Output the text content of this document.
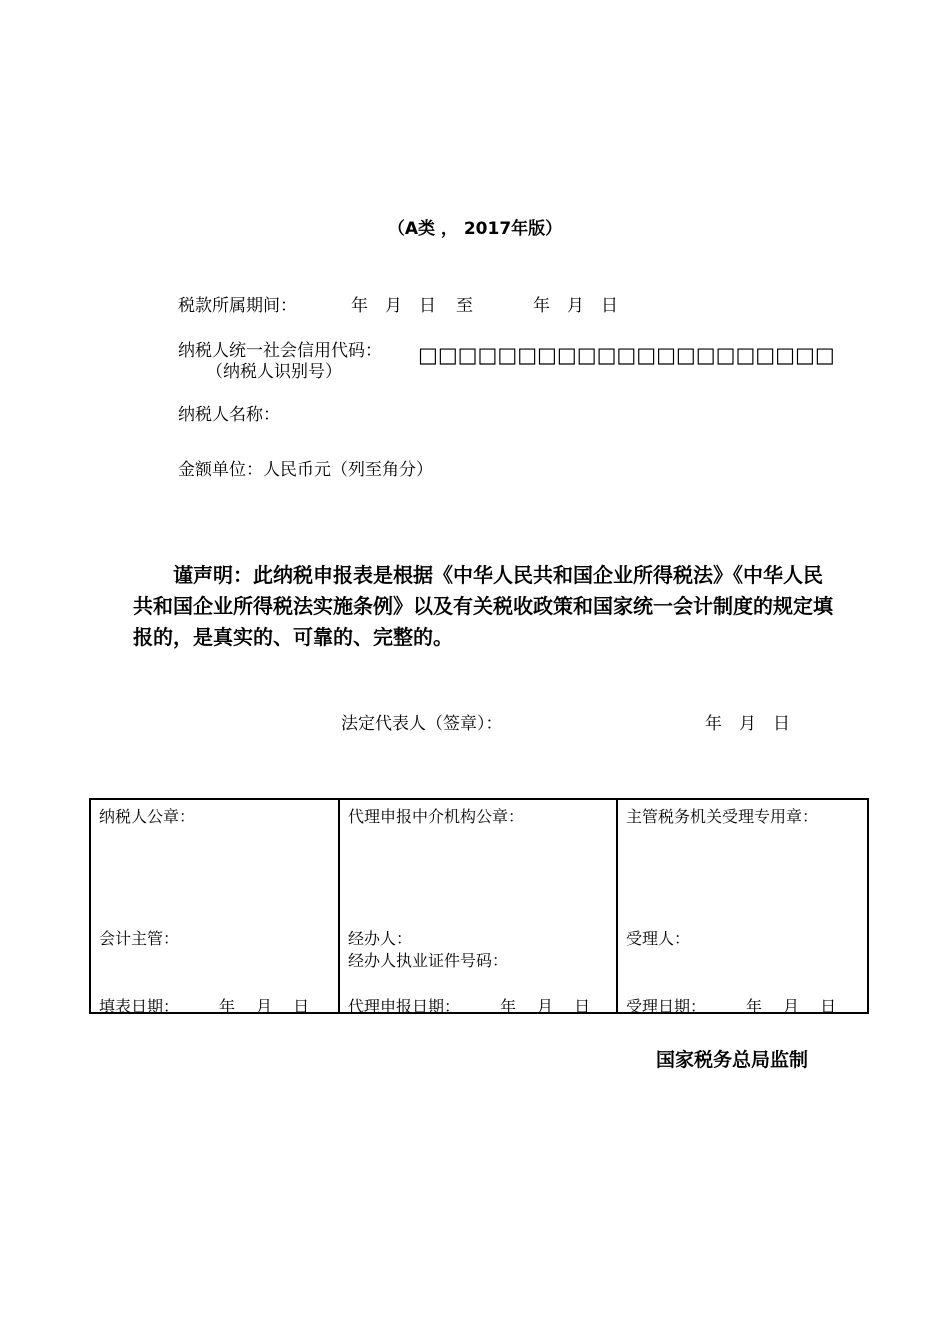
（A类 ， 2017年版）
税款所属期间：	年　月　日 至	年　月　日
纳税人统一社会信用代码：
（纳税人识别号）
□□□□□□□□□□□□□□□□□□□□□
纳税人名称：
金额单位：人民币元（列至角分）
谨声明：此纳税申报表是根据《中华人民共和国企业所得税法》《中华人民共和国企业所得税法实施条例》以及有关税收政策和国家统一会计制度的规定填报的，是真实的、可靠的、完整的。
法定代表人（签章）：	年　月　日
纳税人公章：
会计主管：
填表日期：　　　年　 月　 日

代理申报中介机构公章：
经办人：
经办人执业证件号码：
代理申报日期：　　　年　 月　 日

主管税务机关受理专用章：
受理人：
受理日期：　　　年　 月　 日
国家税务总局监制
